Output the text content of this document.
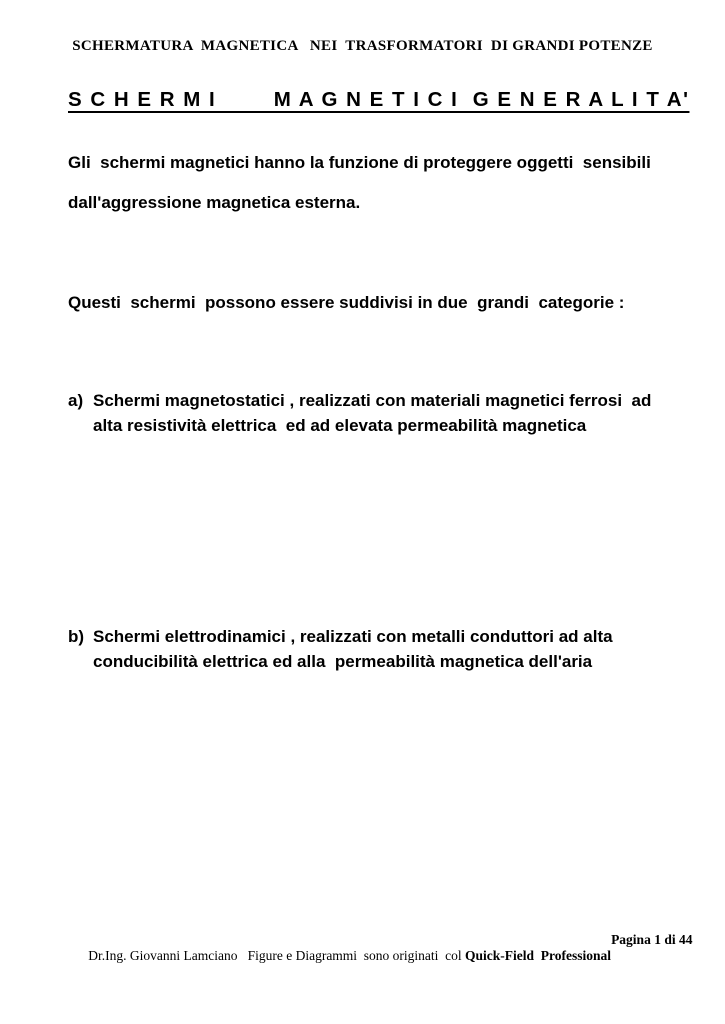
SCHERMATURA  MAGNETICA   NEI  TRASFORMATORI  DI GRANDI POTENZE
S C H E R M I        M A G N E T I C I  G E N E R A L I T A'
Gli  schermi magnetici hanno la funzione di proteggere oggetti  sensibili
dall'aggressione magnetica esterna.
Questi  schermi  possono essere suddivisi in due  grandi  categorie :
a) Schermi magnetostatici , realizzati con materiali magnetici ferrosi  ad
alta resistività elettrica  ed ad elevata permeabilità magnetica
b) Schermi elettrodinamici , realizzati con metalli conduttori ad alta
conducibilità elettrica ed alla  permeabilità magnetica dell'aria

Dr.Ing. Giovanni Lamciano   Figure e Diagrammi  sono originati  col Quick-Field  Professional

Pagina 1 di 44
